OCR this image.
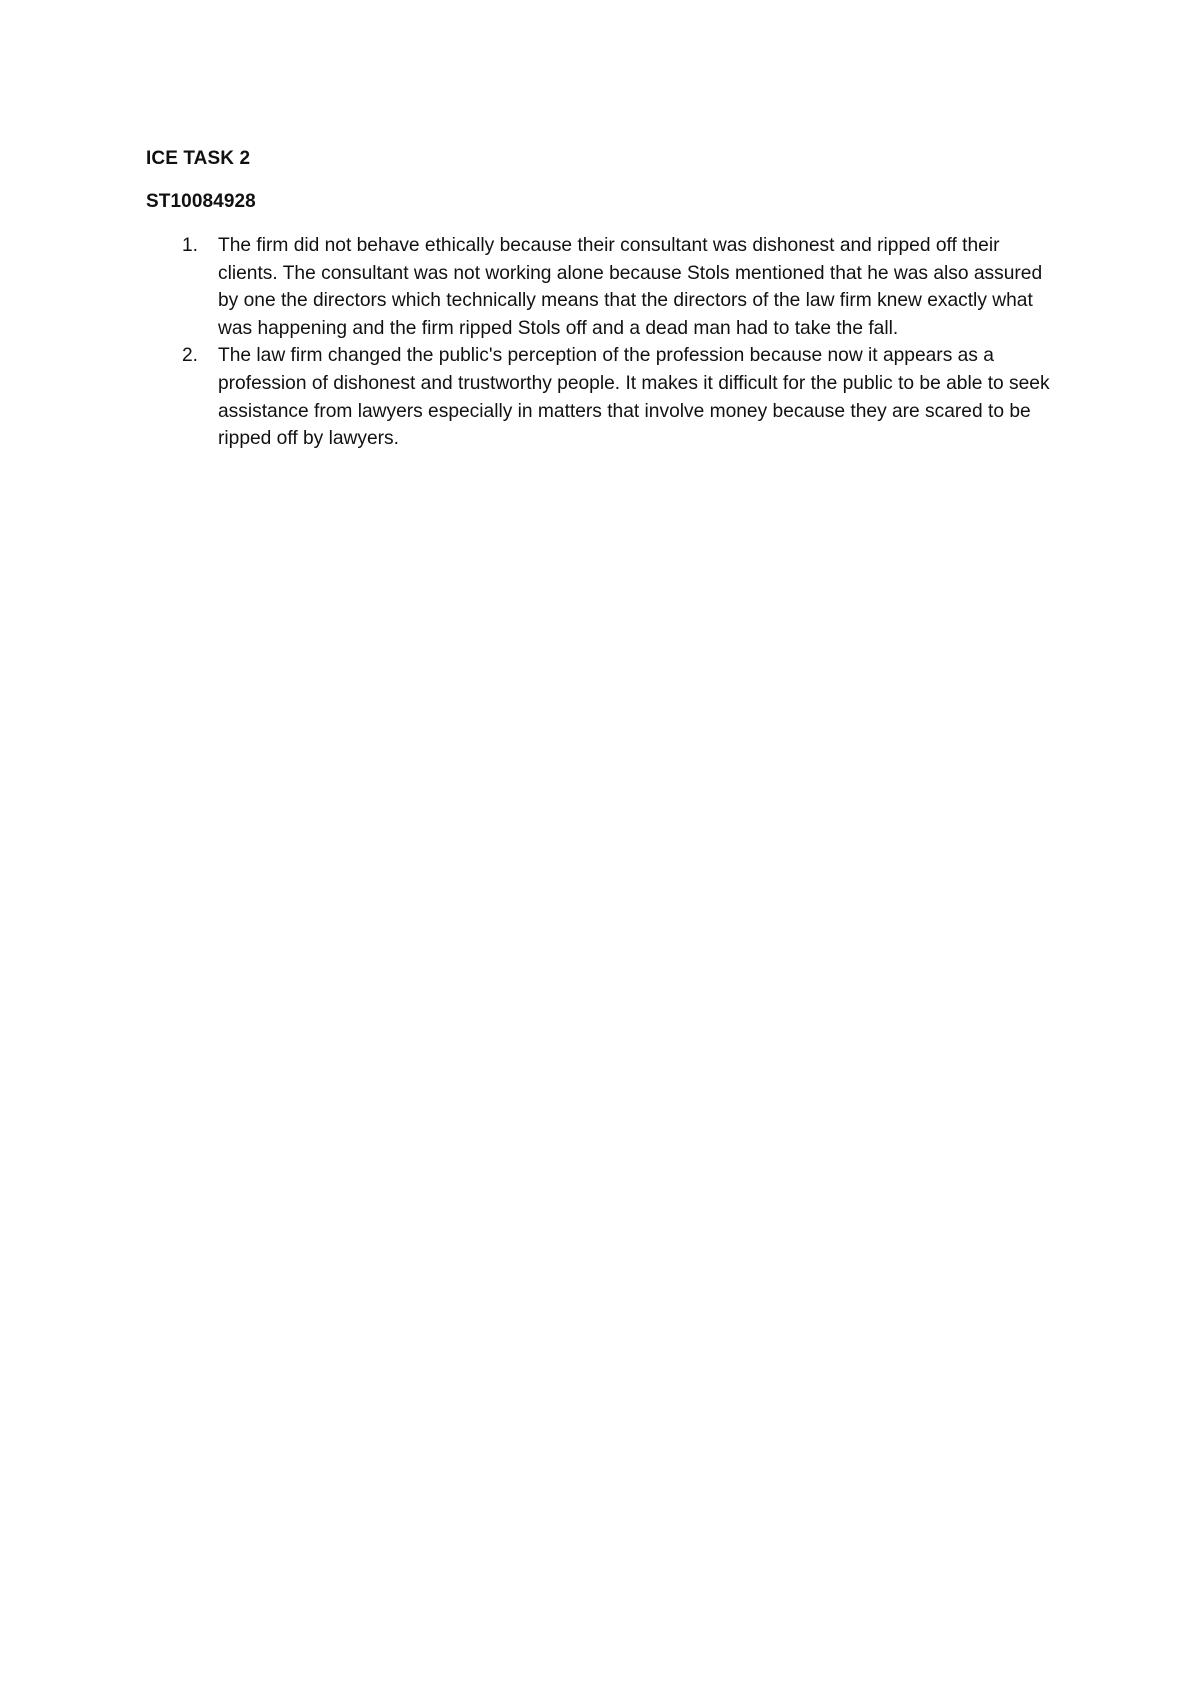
ICE TASK 2

ST10084928

1. The firm did not behave ethically because their consultant was dishonest and ripped off their clients. The consultant was not working alone because Stols mentioned that he was also assured by one the directors which technically means that the directors of the law firm knew exactly what was happening and the firm ripped Stols off and a dead man had to take the fall.
2. The law firm changed the public's perception of the profession because now it appears as a profession of dishonest and trustworthy people. It makes it difficult for the public to be able to seek assistance from lawyers especially in matters that involve money because they are scared to be ripped off by lawyers.
